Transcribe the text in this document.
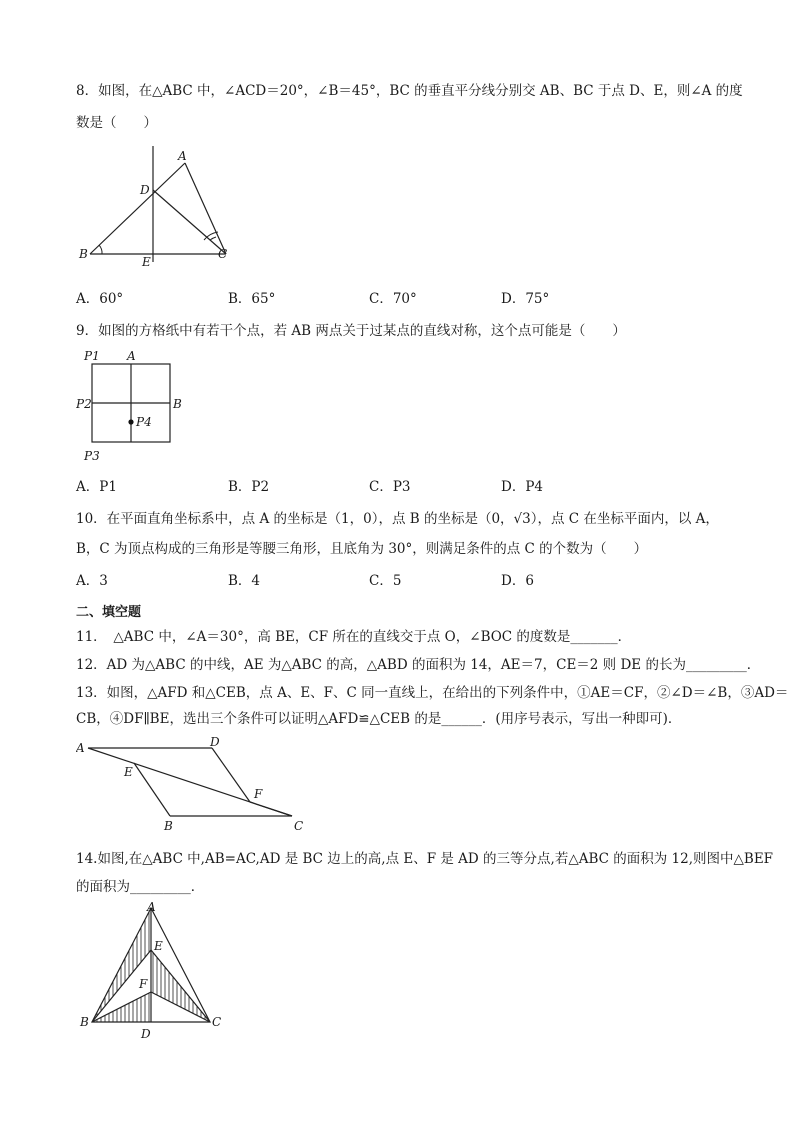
8．如图，在△ABC 中，∠ACD＝20°，∠B＝45°，BC 的垂直平分线分别交 AB、BC 于点 D、E，则∠A 的度
数是（　　）
A
D
B	C
E
A．60°	B．65°	C．70°	D．75°
9．如图的方格纸中有若干个点，若 AB 两点关于过某点的直线对称，这个点可能是（　　）
P1 A
P2	B
P4
P3
A．P1	B．P2	C．P3	D．P4
10．在平面直角坐标系中，点 A 的坐标是（1，0），点 B 的坐标是（0，√3），点 C 在坐标平面内，以 A，
B，C 为顶点构成的三角形是等腰三角形，且底角为 30°，则满足条件的点 C 的个数为（　　）
A．3	B．4	C．5	D．6
二、填空题
11．　△ABC 中，∠A＝30°，高 BE，CF 所在的直线交于点 O，∠BOC 的度数是_______．
12．AD 为△ABC 的中线，AE 为△ABC 的高，△ABD 的面积为 14，AE＝7，CE＝2 则 DE 的长为_________．
13．如图，△AFD 和△CEB，点 A、E、F、C 同一直线上，在给出的下列条件中，①AE＝CF，②∠D＝∠B，③AD＝
CB，④DF∥BE，选出三个条件可以证明△AFD≌△CEB 的是______．(用序号表示，写出一种即可)．
A	D
E
F
B	C
14.如图,在△ABC 中,AB=AC,AD 是 BC 边上的高,点 E、F 是 AD 的三等分点,若△ABC 的面积为 12,则图中△BEF
的面积为_________．
A
E
F
B	C
D
